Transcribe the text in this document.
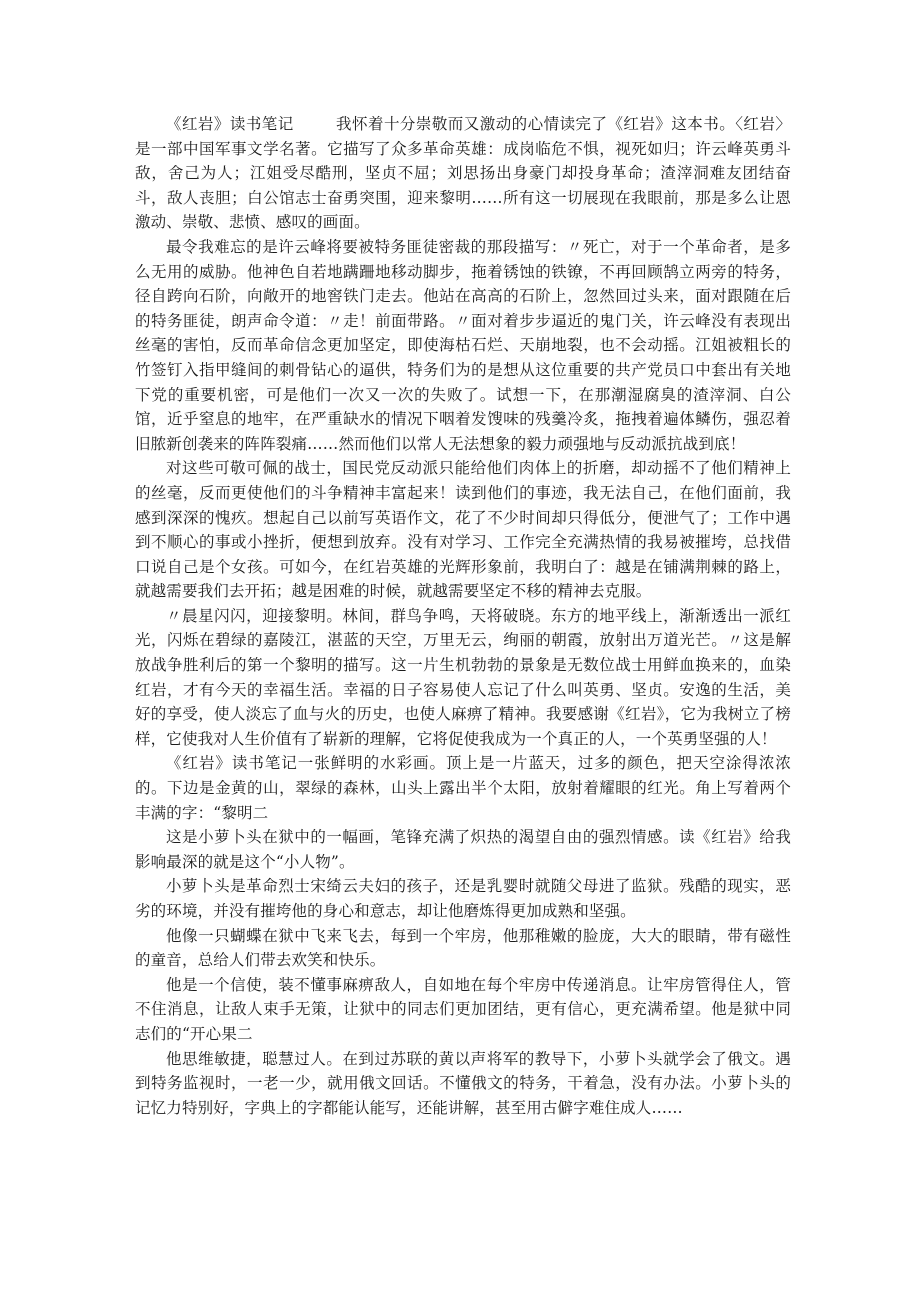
《红岩》读书笔记	我怀着十分崇敬而又激动的心情读完了《红岩》这本书。〈红岩〉是一部中国军事文学名著。它描写了众多革命英雄：成岗临危不惧，视死如归；许云峰英勇斗敌，舍己为人；江姐受尽酷刑，坚贞不屈；刘思扬出身豪门却投身革命；渣滓洞难友团结奋斗，敌人丧胆；白公馆志士奋勇突围，迎来黎明……所有这一切展现在我眼前，那是多么让恩激动、崇敬、悲愤、感叹的画面。

最令我难忘的是许云峰将要被特务匪徒密裁的那段描写：〃死亡，对于一个革命者，是多么无用的威胁。他神色自若地蹒跚地移动脚步，拖着锈蚀的铁镣，不再回顾鹄立两旁的特务，径自跨向石阶，向敞开的地窖铁门走去。他站在高高的石阶上，忽然回过头来，面对跟随在后的特务匪徒，朗声命令道：〃走！前面带路。〃面对着步步逼近的鬼门关，许云峰没有表现出丝毫的害怕，反而革命信念更加坚定，即使海枯石烂、天崩地裂，也不会动摇。江姐被粗长的竹签钉入指甲缝间的刺骨钻心的逼供，特务们为的是想从这位重要的共产党员口中套出有关地下党的重要机密，可是他们一次又一次的失败了。试想一下，在那潮湿腐臭的渣滓洞、白公馆，近乎窒息的地牢，在严重缺水的情况下咽着发馊味的残羹冷炙，拖拽着遍体鳞伤，强忍着旧脓新创袭来的阵阵裂痛……然而他们以常人无法想象的毅力顽强地与反动派抗战到底！

对这些可敬可佩的战士，国民党反动派只能给他们肉体上的折磨，却动摇不了他们精神上的丝毫，反而更使他们的斗争精神丰富起来！读到他们的事迹，我无法自己，在他们面前，我感到深深的愧疚。想起自己以前写英语作文，花了不少时间却只得低分，便泄气了；工作中遇到不顺心的事或小挫折，便想到放弃。没有对学习、工作完全充满热情的我易被摧垮，总找借口说自己是个女孩。可如今，在红岩英雄的光辉形象前，我明白了：越是在铺满荆棘的路上，就越需要我们去开拓；越是困难的时候，就越需要坚定不移的精神去克服。

〃晨星闪闪，迎接黎明。林间，群鸟争鸣，天将破晓。东方的地平线上，渐渐透出一派红光，闪烁在碧绿的嘉陵江，湛蓝的天空，万里无云，绚丽的朝霞，放射出万道光芒。〃这是解放战争胜利后的第一个黎明的描写。这一片生机勃勃的景象是无数位战士用鲜血换来的，血染红岩，才有今天的幸福生活。幸福的日子容易使人忘记了什么叫英勇、坚贞。安逸的生活，美好的享受，使人淡忘了血与火的历史，也使人麻痹了精神。我要感谢《红岩》，它为我树立了榜样，它使我对人生价值有了崭新的理解，它将促使我成为一个真正的人，一个英勇坚强的人！

《红岩》读书笔记一张鲜明的水彩画。顶上是一片蓝天，过多的颜色，把天空涂得浓浓的。下边是金黄的山，翠绿的森林，山头上露出半个太阳，放射着耀眼的红光。角上写着两个丰满的字：“黎明二

这是小萝卜头在狱中的一幅画，笔锋充满了炽热的渴望自由的强烈情感。读《红岩》给我影响最深的就是这个“小人物”。

小萝卜头是革命烈士宋绮云夫妇的孩子，还是乳婴时就随父母进了监狱。残酷的现实，恶劣的环境，并没有摧垮他的身心和意志，却让他磨炼得更加成熟和坚强。

他像一只蝴蝶在狱中飞来飞去，每到一个牢房，他那稚嫩的脸庞，大大的眼睛，带有磁性的童音，总给人们带去欢笑和快乐。

他是一个信使，装不懂事麻痹敌人，自如地在每个牢房中传递消息。让牢房管得住人，管不住消息，让敌人束手无策，让狱中的同志们更加团结，更有信心，更充满希望。他是狱中同志们的“开心果二

他思维敏捷，聪慧过人。在到过苏联的黄以声将军的教导下，小萝卜头就学会了俄文。遇到特务监视时，一老一少，就用俄文回话。不懂俄文的特务，干着急，没有办法。小萝卜头的记忆力特别好，字典上的字都能认能写，还能讲解，甚至用古僻字难住成人……
